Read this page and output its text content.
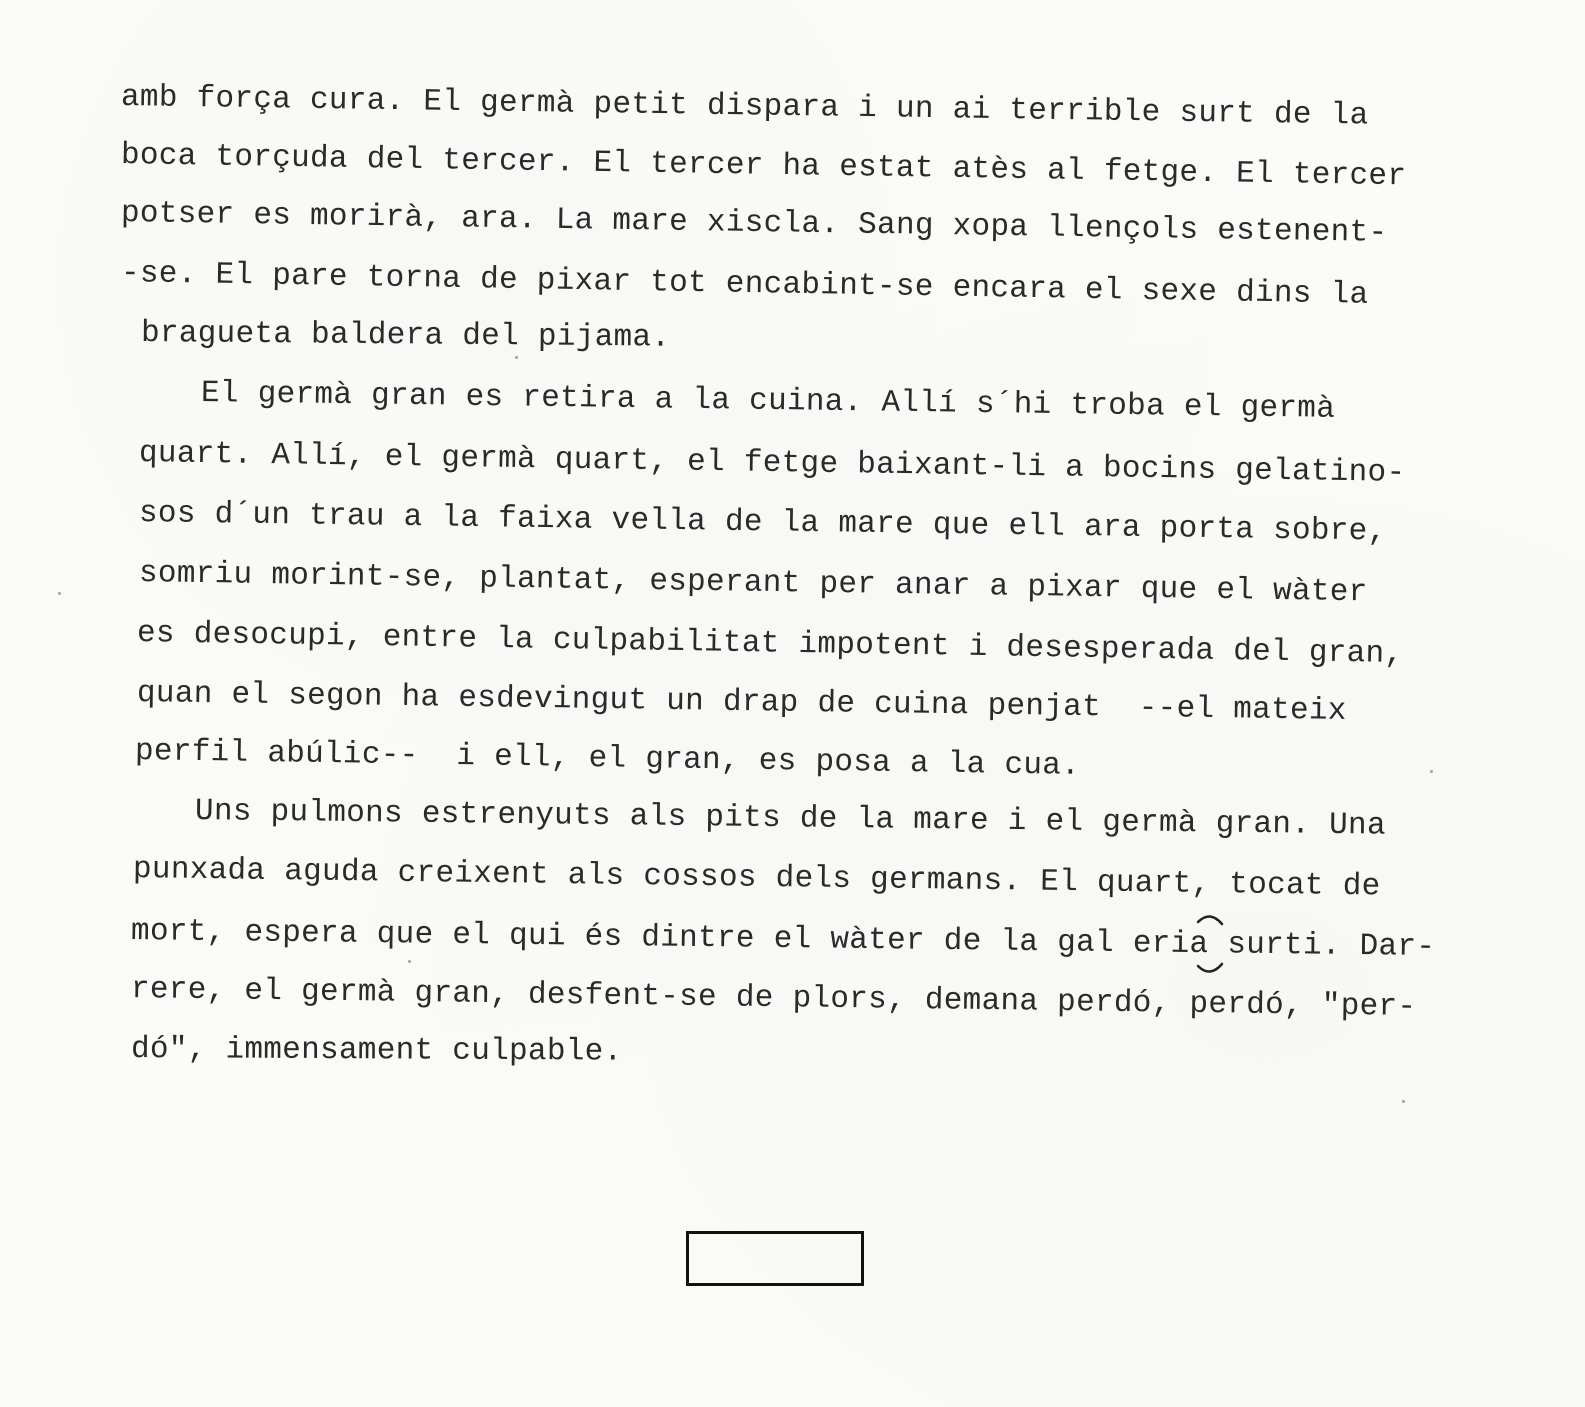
amb força cura. El germà petit dispara i un ai terrible surt de la
boca torçuda del tercer. El tercer ha estat atès al fetge. El tercer
potser es morirà, ara. La mare xiscla. Sang xopa llençols estenent-
-se. El pare torna de pixar tot encabint-se encara el sexe dins la
bragueta baldera del pijama.
El germà gran es retira a la cuina. Allí s´hi troba el germà
quart. Allí, el germà quart, el fetge baixant-li a bocins gelatino-
sos d´un trau a la faixa vella de la mare que ell ara porta sobre,
somriu morint-se, plantat, esperant per anar a pixar que el wàter
es desocupi, entre la culpabilitat impotent i desesperada del gran,
quan el segon ha esdevingut un drap de cuina penjat  --el mateix
perfil abúlic--  i ell, el gran, es posa a la cua.
Uns pulmons estrenyuts als pits de la mare i el germà gran. Una
punxada aguda creixent als cossos dels germans. El quart, tocat de
mort, espera que el qui és dintre el wàter de la gal eria surti. Dar-
rere, el germà gran, desfent-se de plors, demana perdó, perdó, "per-
dó", immensament culpable.
